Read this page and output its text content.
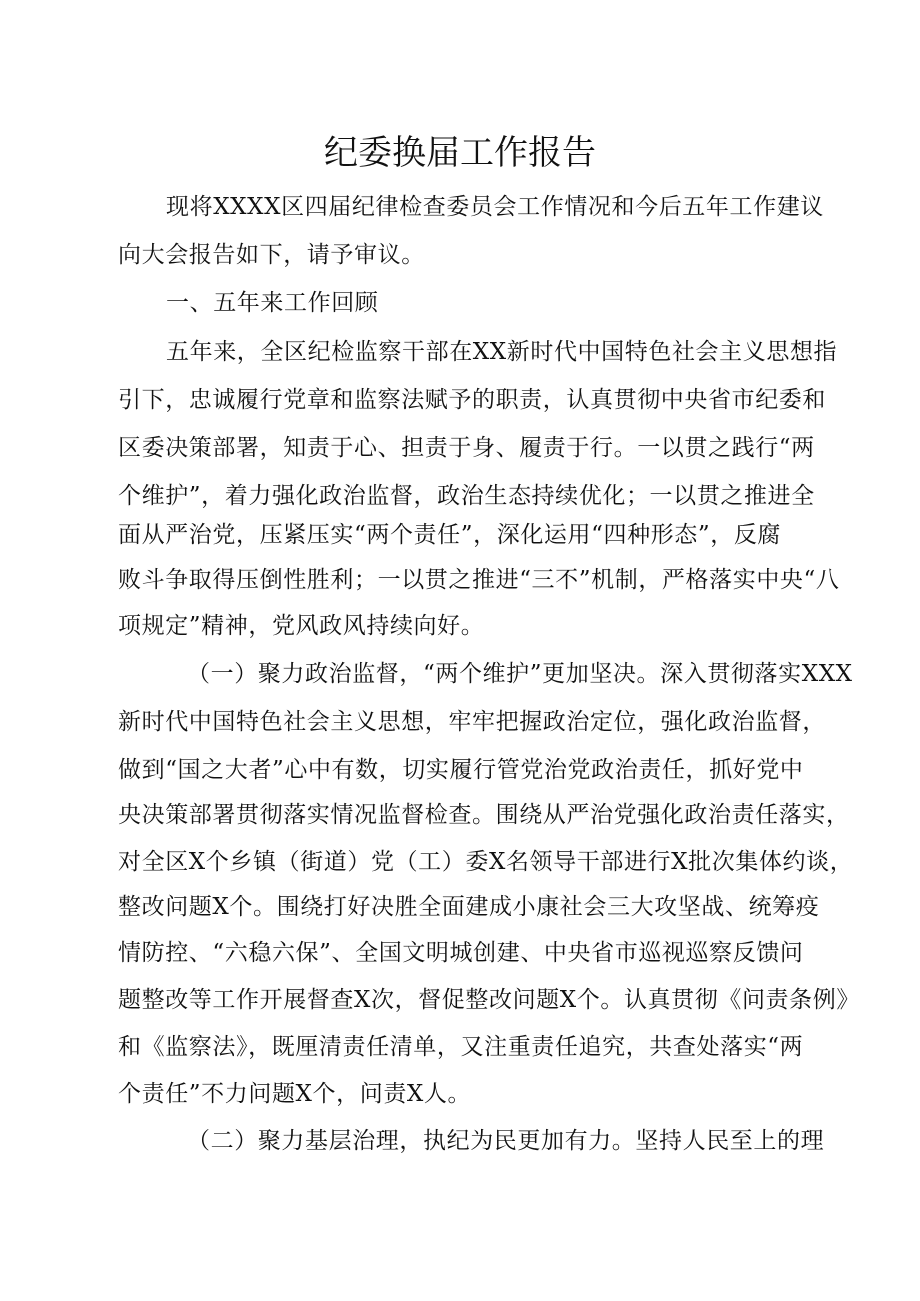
纪委换届工作报告
现将XXXX区四届纪律检查委员会工作情况和今后五年工作建议
向大会报告如下，请予审议。
一、五年来工作回顾
五年来，全区纪检监察干部在XX新时代中国特色社会主义思想指
引下，忠诚履行党章和监察法赋予的职责，认真贯彻中央省市纪委和
区委决策部署，知责于心、担责于身、履责于行。一以贯之践行“两
个维护”，着力强化政治监督，政治生态持续优化；一以贯之推进全
面从严治党，压紧压实“两个责任”，深化运用“四种形态”，反腐
败斗争取得压倒性胜利；一以贯之推进“三不”机制，严格落实中央“八
项规定”精神，党风政风持续向好。
（一）聚力政治监督，“两个维护”更加坚决。深入贯彻落实XXX
新时代中国特色社会主义思想，牢牢把握政治定位，强化政治监督，
做到“国之大者”心中有数，切实履行管党治党政治责任，抓好党中
央决策部署贯彻落实情况监督检查。围绕从严治党强化政治责任落实，
对全区X个乡镇（街道）党（工）委X名领导干部进行X批次集体约谈，
整改问题X个。围绕打好决胜全面建成小康社会三大攻坚战、统筹疫
情防控、“六稳六保”、全国文明城创建、中央省市巡视巡察反馈问
题整改等工作开展督查X次，督促整改问题X个。认真贯彻《问责条例》
和《监察法》，既厘清责任清单，又注重责任追究，共查处落实“两
个责任”不力问题X个，问责X人。
（二）聚力基层治理，执纪为民更加有力。坚持人民至上的理
